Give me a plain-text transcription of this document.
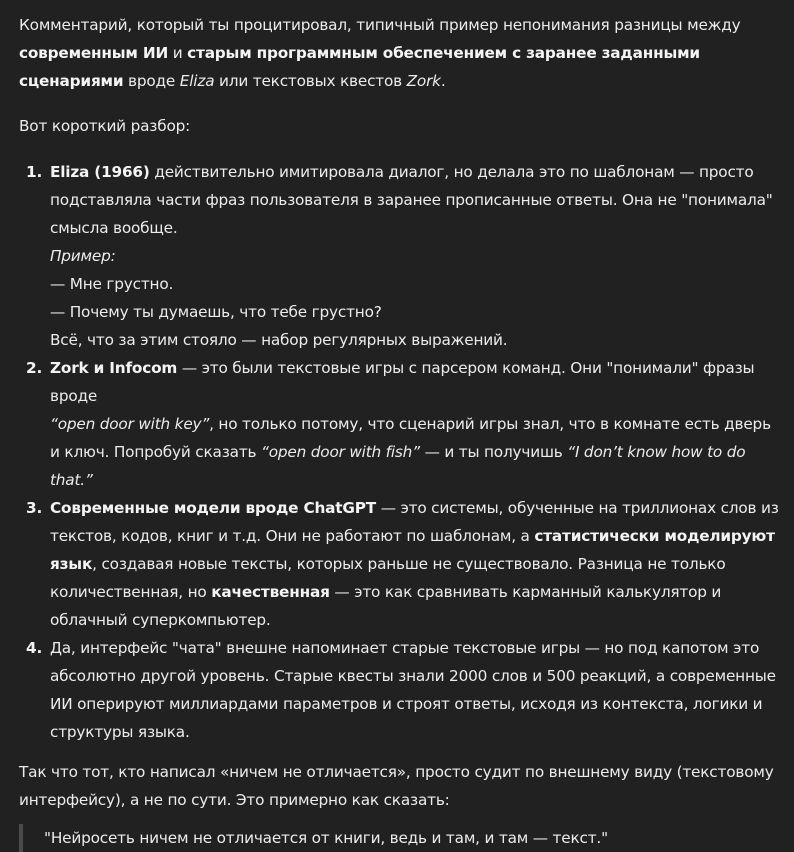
Комментарий, который ты процитировал, типичный пример непонимания разницы между современным ИИ и старым программным обеспечением с заранее заданными сценариями вроде Eliza или текстовых квестов Zork.

Вот короткий разбор:

1. Eliza (1966) действительно имитировала диалог, но делала это по шаблонам — просто подставляла части фраз пользователя в заранее прописанные ответы. Она не "понимала" смысла вообще.
Пример:
— Мне грустно.
— Почему ты думаешь, что тебе грустно?
Всё, что за этим стояло — набор регулярных выражений.
2. Zork и Infocom — это были текстовые игры с парсером команд. Они "понимали" фразы вроде
“open door with key”, но только потому, что сценарий игры знал, что в комнате есть дверь и ключ. Попробуй сказать “open door with fish” — и ты получишь “I don’t know how to do that.”
3. Современные модели вроде ChatGPT — это системы, обученные на триллионах слов из текстов, кодов, книг и т.д. Они не работают по шаблонам, а статистически моделируют язык, создавая новые тексты, которых раньше не существовало. Разница не только количественная, но качественная — это как сравнивать карманный калькулятор и облачный суперкомпьютер.
4. Да, интерфейс "чата" внешне напоминает старые текстовые игры — но под капотом это абсолютно другой уровень. Старые квесты знали 2000 слов и 500 реакций, а современные ИИ оперируют миллиардами параметров и строят ответы, исходя из контекста, логики и структуры языка.

Так что тот, кто написал «ничем не отличается», просто судит по внешнему виду (текстовому интерфейсу), а не по сути. Это примерно как сказать:

"Нейросеть ничем не отличается от книги, ведь и там, и там — текст."
